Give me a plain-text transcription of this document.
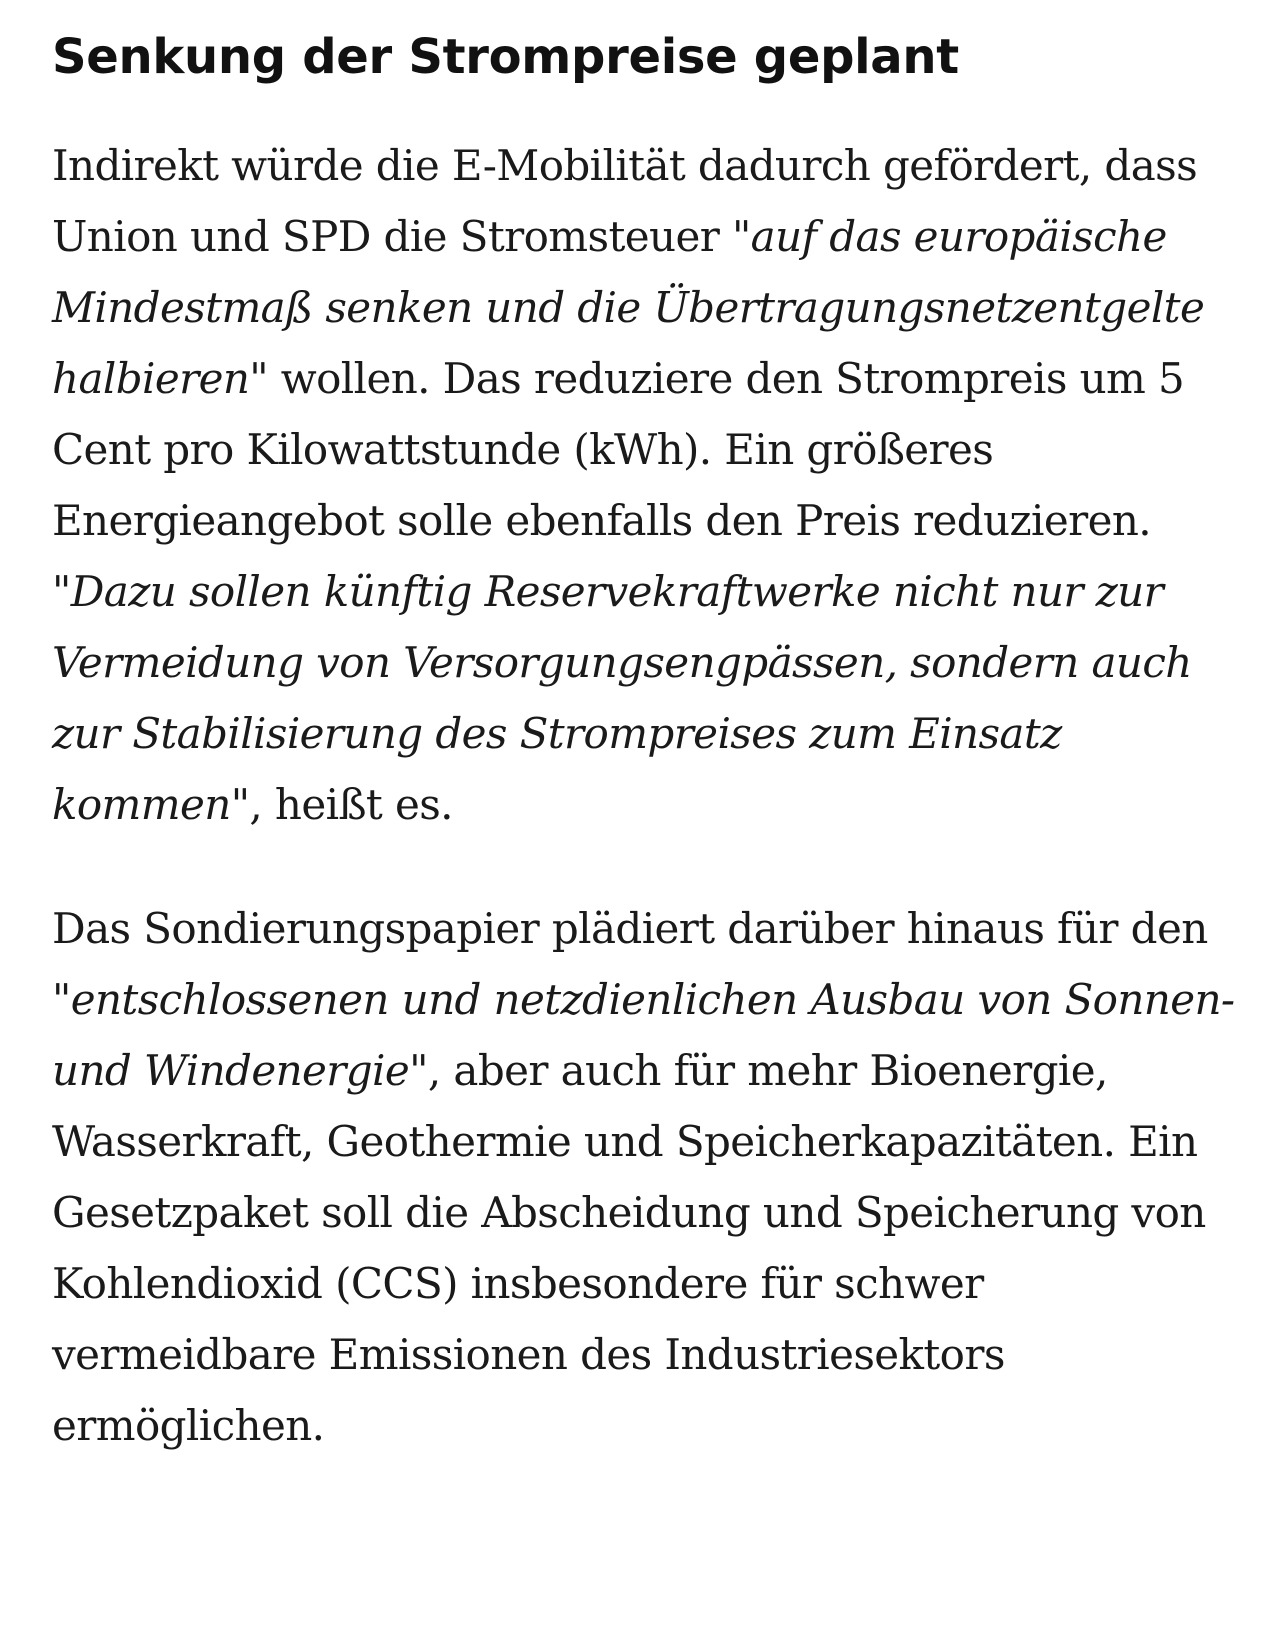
Senkung der Strompreise geplant

Indirekt würde die E-Mobilität dadurch gefördert, dass Union und SPD die Stromsteuer "auf das europäische Mindestmaß senken und die Übertragungsnetzentgelte halbieren" wollen. Das reduziere den Strompreis um 5 Cent pro Kilowattstunde (kWh). Ein größeres Energieangebot solle ebenfalls den Preis reduzieren. "Dazu sollen künftig Reservekraftwerke nicht nur zur Vermeidung von Versorgungsengpässen, sondern auch zur Stabilisierung des Strompreises zum Einsatz kommen", heißt es.

Das Sondierungspapier plädiert darüber hinaus für den "entschlossenen und netzdienlichen Ausbau von Sonnen- und Windenergie", aber auch für mehr Bioenergie, Wasserkraft, Geothermie und Speicherkapazitäten. Ein Gesetzpaket soll die Abscheidung und Speicherung von Kohlendioxid (CCS) insbesondere für schwer vermeidbare Emissionen des Industriesektors ermöglichen.
